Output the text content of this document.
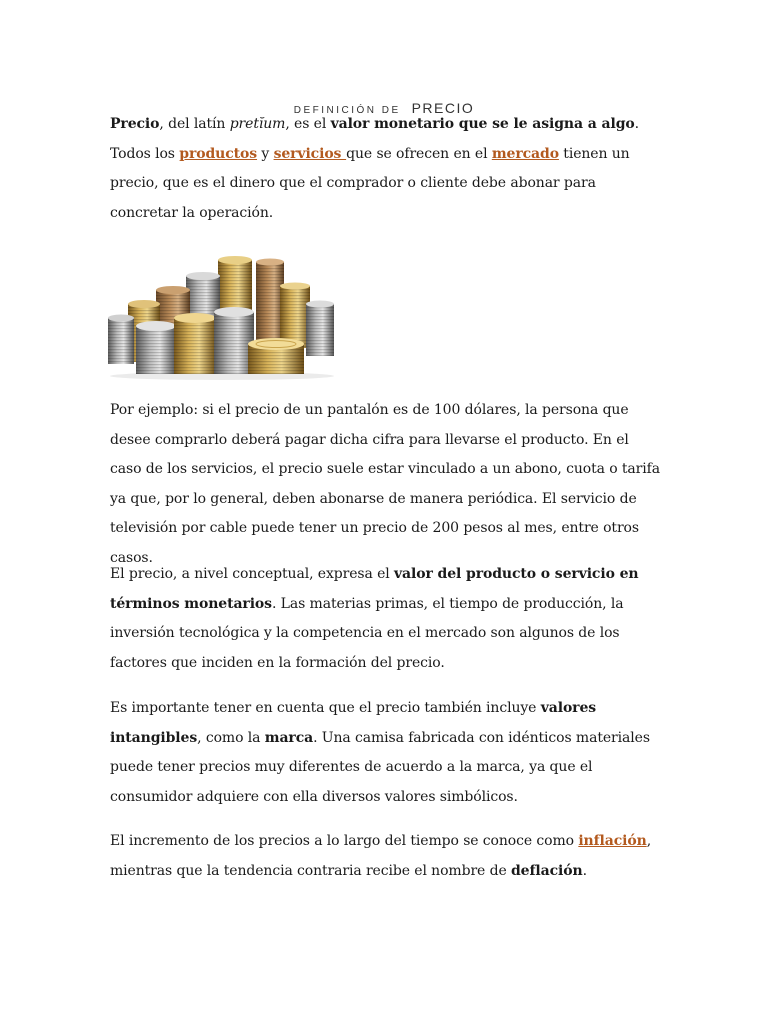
DEFINICIÓN DE PRECIO

Precio, del latín pretĭum, es el valor monetario que se le asigna a algo. Todos los productos y servicios que se ofrecen en el mercado tienen un precio, que es el dinero que el comprador o cliente debe abonar para concretar la operación.

Por ejemplo: si el precio de un pantalón es de 100 dólares, la persona que desee comprarlo deberá pagar dicha cifra para llevarse el producto. En el caso de los servicios, el precio suele estar vinculado a un abono, cuota o tarifa ya que, por lo general, deben abonarse de manera periódica. El servicio de televisión por cable puede tener un precio de 200 pesos al mes, entre otros casos.

El precio, a nivel conceptual, expresa el valor del producto o servicio en términos monetarios. Las materias primas, el tiempo de producción, la inversión tecnológica y la competencia en el mercado son algunos de los factores que inciden en la formación del precio.

Es importante tener en cuenta que el precio también incluye valores intangibles, como la marca. Una camisa fabricada con idénticos materiales puede tener precios muy diferentes de acuerdo a la marca, ya que el consumidor adquiere con ella diversos valores simbólicos.

El incremento de los precios a lo largo del tiempo se conoce como inflación, mientras que la tendencia contraria recibe el nombre de deflación.
